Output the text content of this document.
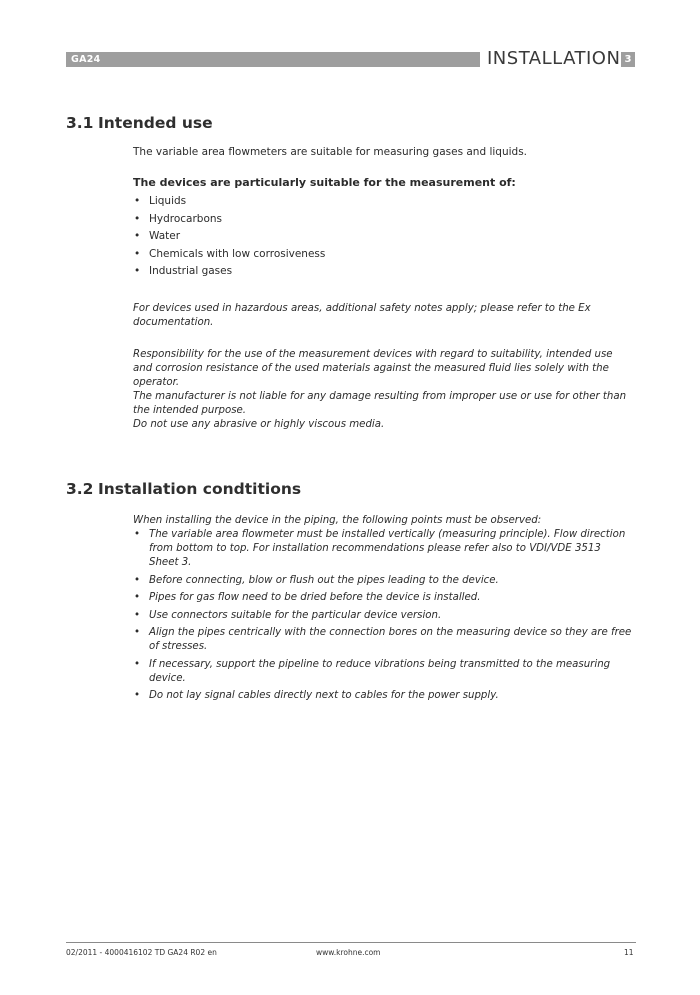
GA24	INSTALLATION 3
3.1 Intended use
The variable area flowmeters are suitable for measuring gases and liquids.
The devices are particularly suitable for the measurement of:
• Liquids
• Hydrocarbons
• Water
• Chemicals with low corrosiveness
• Industrial gases
For devices used in hazardous areas, additional safety notes apply; please refer to the Ex
documentation.
Responsibility for the use of the measurement devices with regard to suitability, intended use
and corrosion resistance of the used materials against the measured fluid lies solely with the
operator.
The manufacturer is not liable for any damage resulting from improper use or use for other than
the intended purpose.
Do not use any abrasive or highly viscous media.
3.2 Installation condtitions
When installing the device in the piping, the following points must be observed:
• The variable area flowmeter must be installed vertically (measuring principle). Flow direction
from bottom to top. For installation recommendations please refer also to VDI/VDE 3513
Sheet 3.
• Before connecting, blow or flush out the pipes leading to the device.
• Pipes for gas flow need to be dried before the device is installed.
• Use connectors suitable for the particular device version.
• Align the pipes centrically with the connection bores on the measuring device so they are free
of stresses.
• If necessary, support the pipeline to reduce vibrations being transmitted to the measuring
device.
• Do not lay signal cables directly next to cables for the power supply.
02/2011 - 4000416102 TD GA24 R02 en	www.krohne.com	11
